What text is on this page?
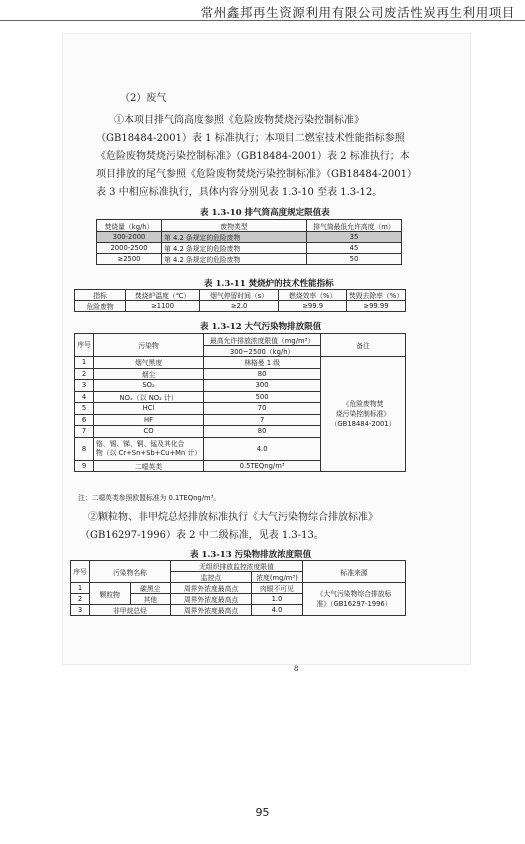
常州鑫邦再生资源利用有限公司废活性炭再生利用项目
（2）废气
①本项目排气筒高度参照《危险废物焚烧污染控制标准》
（GB18484-2001）表 1 标准执行；本项目二燃室技术性能指标参照
《危险废物焚烧污染控制标准》（GB18484-2001）表 2 标准执行；本
项目排放的尾气参照《危险废物焚烧污染控制标准》（GB18484-2001）
表 3 中相应标准执行，具体内容分别见表 1.3-10 至表 1.3-12。
表 1.3-10 排气筒高度规定限值表
焚烧量（kg/h）	废物类型	排气筒最低允许高度（m）
300-2000	第 4.2 条规定的危险废物	35
2000-2500	第 4.2 条规定的危险废物	45
≥2500	第 4.2 条规定的危险废物	50
表 1.3-11 焚烧炉的技术性能指标
指标	焚烧炉温度（℃）	烟气停留时间（s）	燃烧效率（%）	焚毁去除率（%）
危险废物	≥1100	≥2.0	≥99.9	≥99.99
表 1.3-12 大气污染物排放限值
序号	污染物	最高允许排放浓度限值（mg/m³）	备注
		300~2500（kg/h）	
1	烟气黑度	林格曼 1 级	《危险废物焚
烧污染控制标准》
（GB18484-2001）

2	烟尘	80	
3	SO₂	300	
4	NOₓ（以 NO₂ 计）	500	
5	HCl	70	
6	HF	7	
7	CO	80	
8	铬、锡、锑、铜、锰及其化合
物（以 Cr+Sn+Sb+Cu+Mn 计）	4.0	
9	二噁英类	0.5TEQng/m³	
注：二噁英类参照欧盟标准为 0.1TEQng/m³。
②颗粒物、非甲烷总烃排放标准执行《大气污染物综合排放标准》
（GB16297-1996）表 2 中二级标准，见表 1.3-13。
表 1.3-13 污染物排放浓度限值
序号	污染物名称		无组织排放监控浓度限值		标准来源
			监控点	浓度(mg/m³)	
1	颗粒物	碳黑尘	周界外浓度最高点	肉眼不可见	《大气污染物综合排放标
准》（GB16297-1996）

2		其他	周界外浓度最高点	1.0	
3	非甲烷总烃		周界外浓度最高点	4.0	
8
95
